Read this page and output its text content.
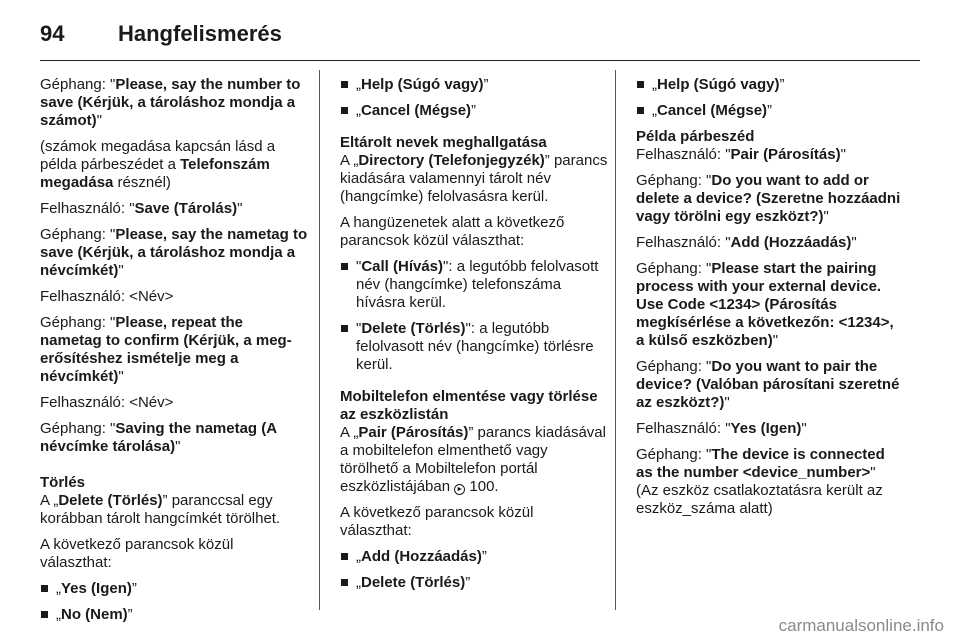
94	Hangfelismerés

Géphang: "Please, say the number to save (Kérjük, a tároláshoz mondja a számot)"

(számok megadása kapcsán lásd a példa párbeszédet a Telefonszám megadása résznél)

Felhasználó: "Save (Tárolás)"

Géphang: "Please, say the nametag to save (Kérjük, a tároláshoz mondja a névcímkét)"

Felhasználó: <Név>

Géphang: "Please, repeat the nametag to confirm (Kérjük, a megerősítéshez ismételje meg a névcímkét)"

Felhasználó: <Név>

Géphang: "Saving the nametag (A névcímke tárolása)"

Törlés

A „Delete (Törlés)” paranccsal egy korábban tárolt hangcímkét törölhet.

A következő parancsok közül választhat:

„Yes (Igen)”
„No (Nem)”
„Help (Súgó vagy)”
„Cancel (Mégse)”

Eltárolt nevek meghallgatása

A „Directory (Telefonjegyzék)” parancs kiadására valamennyi tárolt név (hangcímke) felolvasásra kerül.

A hangüzenetek alatt a következő parancsok közül választhat:

"Call (Hívás)": a legutóbb felolvasott név (hangcímke) telefonszáma hívásra kerül.
"Delete (Törlés)": a legutóbb felolvasott név (hangcímke) törlésre kerül.

Mobiltelefon elmentése vagy törlése az eszközlistán

A „Pair (Párosítás)” parancs kiadásával a mobiltelefon elmenthető vagy törölhető a Mobiltelefon portál eszközlistájában ► 100.

A következő parancsok közül választhat:

„Add (Hozzáadás)”
„Delete (Törlés)”
„Help (Súgó vagy)”
„Cancel (Mégse)”

Példa párbeszéd

Felhasználó: "Pair (Párosítás)"

Géphang: "Do you want to add or delete a device? (Szeretne hozzáadni vagy törölni egy eszközt?)"

Felhasználó: "Add (Hozzáadás)"

Géphang: "Please start the pairing process with your external device. Use Code <1234> (Párosítás megkísérlése a következőn: <1234>, a külső eszközben)"

Géphang: "Do you want to pair the device? (Valóban párosítani szeretné az eszközt?)"

Felhasználó: "Yes (Igen)"

Géphang: "The device is connected as the number <device_number>"

(Az eszköz csatlakoztatásra került az eszköz_száma alatt)

carmanualsonline.info
